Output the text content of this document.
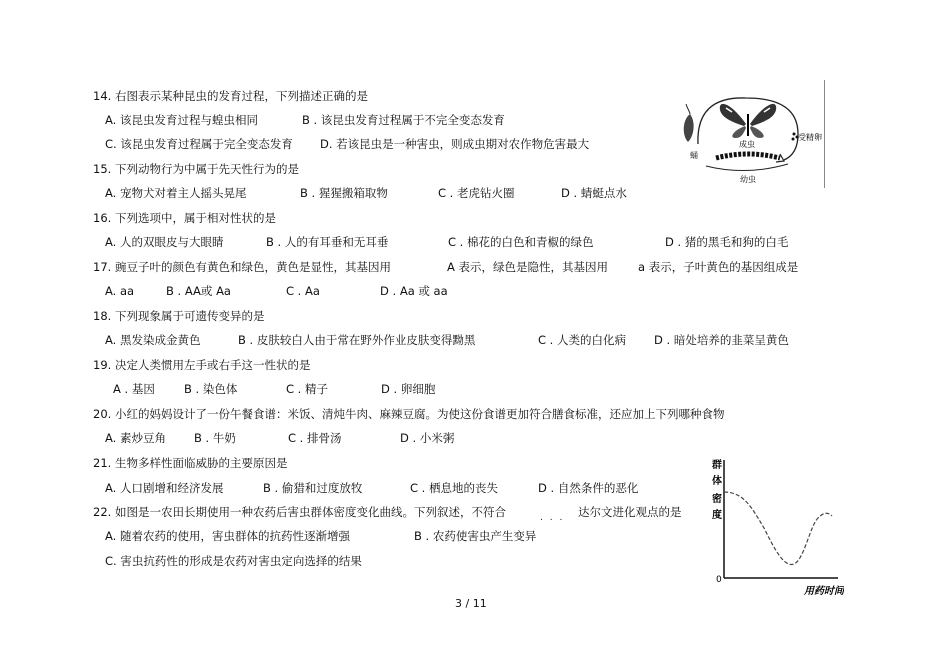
14. 右图表示某种昆虫的发育过程，下列描述正确的是
A. 该昆虫发育过程与蝗虫相同	B . 该昆虫发育过程属于不完全变态发育
C. 该昆虫发育过程属于完全变态发育 D. 若该昆虫是一种害虫，则成虫期对农作物危害最大
15. 下列动物行为中属于先天性行为的是
A. 宠物犬对着主人摇头晃尾	B . 猩猩搬箱取物	C . 老虎钻火圈	D . 蜻蜓点水
16. 下列选项中，属于相对性状的是
A. 人的双眼皮与大眼睛	B . 人的有耳垂和无耳垂	C . 棉花的白色和青椒的绿色	D . 猪的黑毛和狗的白毛
17. 豌豆子叶的颜色有黄色和绿色，黄色是显性，其基因用	A 表示，绿色是隐性，其基因用	a 表示，子叶黄色的基因组成是
A. aa	B . AA或 Aa	C . Aa	D . Aa 或 aa
18. 下列现象属于可遗传变异的是
A. 黑发染成金黄色	B . 皮肤较白人由于常在野外作业皮肤变得黝黑	C . 人类的白化病 D . 暗处培养的韭菜呈黄色
19. 决定人类惯用左手或右手这一性状的是
A . 基因	B . 染色体	C . 精子	D . 卵细胞
20. 小红的妈妈设计了一份午餐食谱：米饭、清炖牛肉、麻辣豆腐。为使这份食谱更加符合膳食标准，还应加上下列哪种食物
A. 素炒豆角 B . 牛奶	C . 排骨汤	D . 小米粥
21. 生物多样性面临威胁的主要原因是
A. 人口剧增和经济发展	B . 偷猎和过度放牧	C . 栖息地的丧失	D . 自然条件的恶化
22. 如图是一农田长期使用一种农药后害虫群体密度变化曲线。下列叙述，不符合	. . . 达尔文进化观点的是
A. 随着农药的使用，害虫群体的抗药性逐渐增强	B . 农药使害虫产生变异
C. 害虫抗药性的形成是农药对害虫定向选择的结果
成虫
受精卵
幼虫
蛹
群
体
密
度
0
用药时间
3 / 11
